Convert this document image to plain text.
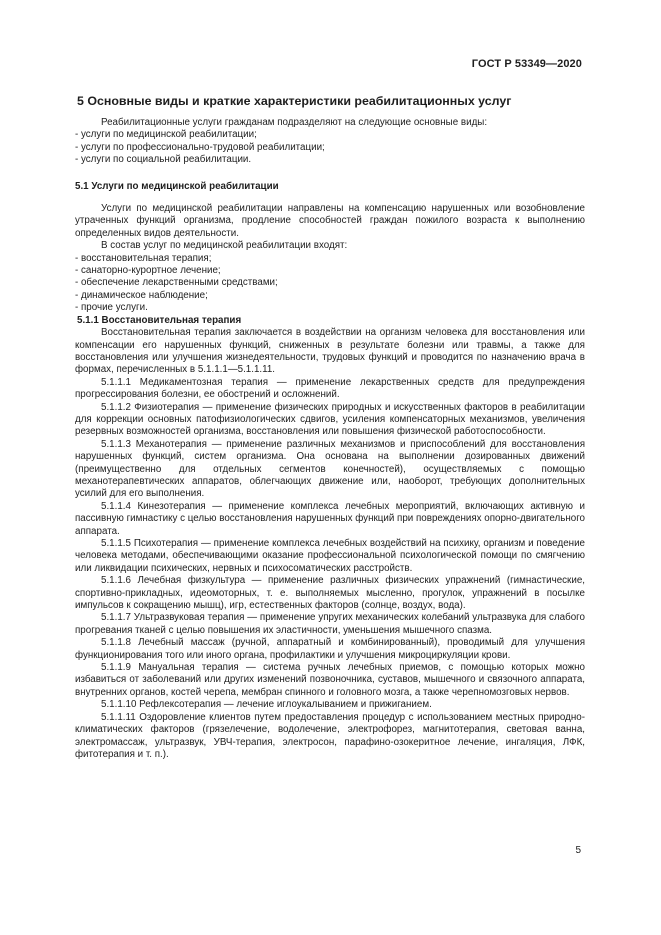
ГОСТ Р 53349—2020
5 Основные виды и краткие характеристики реабилитационных услуг

Реабилитационные услуги гражданам подразделяют на следующие основные виды:

- услуги по медицинской реабилитации;

- услуги по профессионально-трудовой реабилитации;

- услуги по социальной реабилитации.

5.1 Услуги по медицинской реабилитации

Услуги по медицинской реабилитации направлены на компенсацию нарушенных или возобновление утраченных функций организма, продление способностей граждан пожилого возраста к выполнению определенных видов деятельности.

В состав услуг по медицинской реабилитации входят:

- восстановительная терапия;

- санаторно-курортное лечение;

- обеспечение лекарственными средствами;

- динамическое наблюдение;

- прочие услуги.

5.1.1 Восстановительная терапия

Восстановительная терапия заключается в воздействии на организм человека для восстановления или компенсации его нарушенных функций, сниженных в результате болезни или травмы, а также для восстановления или улучшения жизнедеятельности, трудовых функций и проводится по назначению врача в формах, перечисленных в 5.1.1.1—5.1.1.11.

5.1.1.1 Медикаментозная терапия — применение лекарственных средств для предупреждения прогрессирования болезни, ее обострений и осложнений.

5.1.1.2 Физиотерапия — применение физических природных и искусственных факторов в реабилитации для коррекции основных патофизиологических сдвигов, усиления компенсаторных механизмов, увеличения резервных возможностей организма, восстановления или повышения физической работоспособности.

5.1.1.3 Механотерапия — применение различных механизмов и приспособлений для восстановления нарушенных функций, систем организма. Она основана на выполнении дозированных движений (преимущественно для отдельных сегментов конечностей), осуществляемых с помощью механотерапевтических аппаратов, облегчающих движение или, наоборот, требующих дополнительных усилий для его выполнения.

5.1.1.4 Кинезотерапия — применение комплекса лечебных мероприятий, включающих активную и пассивную гимнастику с целью восстановления нарушенных функций при повреждениях опорно-двигательного аппарата.

5.1.1.5 Психотерапия — применение комплекса лечебных воздействий на психику, организм и поведение человека методами, обеспечивающими оказание профессиональной психологической помощи по смягчению или ликвидации психических, нервных и психосоматических расстройств.

5.1.1.6 Лечебная физкультура — применение различных физических упражнений (гимнастические, спортивно-прикладных, идеомоторных, т. е. выполняемых мысленно, прогулок, упражнений в посылке импульсов к сокращению мышц), игр, естественных факторов (солнце, воздух, вода).

5.1.1.7 Ультразвуковая терапия — применение упругих механических колебаний ультразвука для слабого прогревания тканей с целью повышения их эластичности, уменьшения мышечного спазма.

5.1.1.8 Лечебный массаж (ручной, аппаратный и комбинированный), проводимый для улучшения функционирования того или иного органа, профилактики и улучшения микроциркуляции крови.

5.1.1.9 Мануальная терапия — система ручных лечебных приемов, с помощью которых можно избавиться от заболеваний или других изменений позвоночника, суставов, мышечного и связочного аппарата, внутренних органов, костей черепа, мембран спинного и головного мозга, а также черепномозговых нервов.

5.1.1.10 Рефлексотерапия — лечение иглоукалыванием и прижиганием.

5.1.1.11 Оздоровление клиентов путем предоставления процедур с использованием местных природно-климатических факторов (грязелечение, водолечение, электрофорез, магнитотерапия, световая ванна, электромассаж, ультразвук, УВЧ-терапия, электросон, парафино-озокеритное лечение, ингаляция, ЛФК, фитотерапия и т. п.).

5
